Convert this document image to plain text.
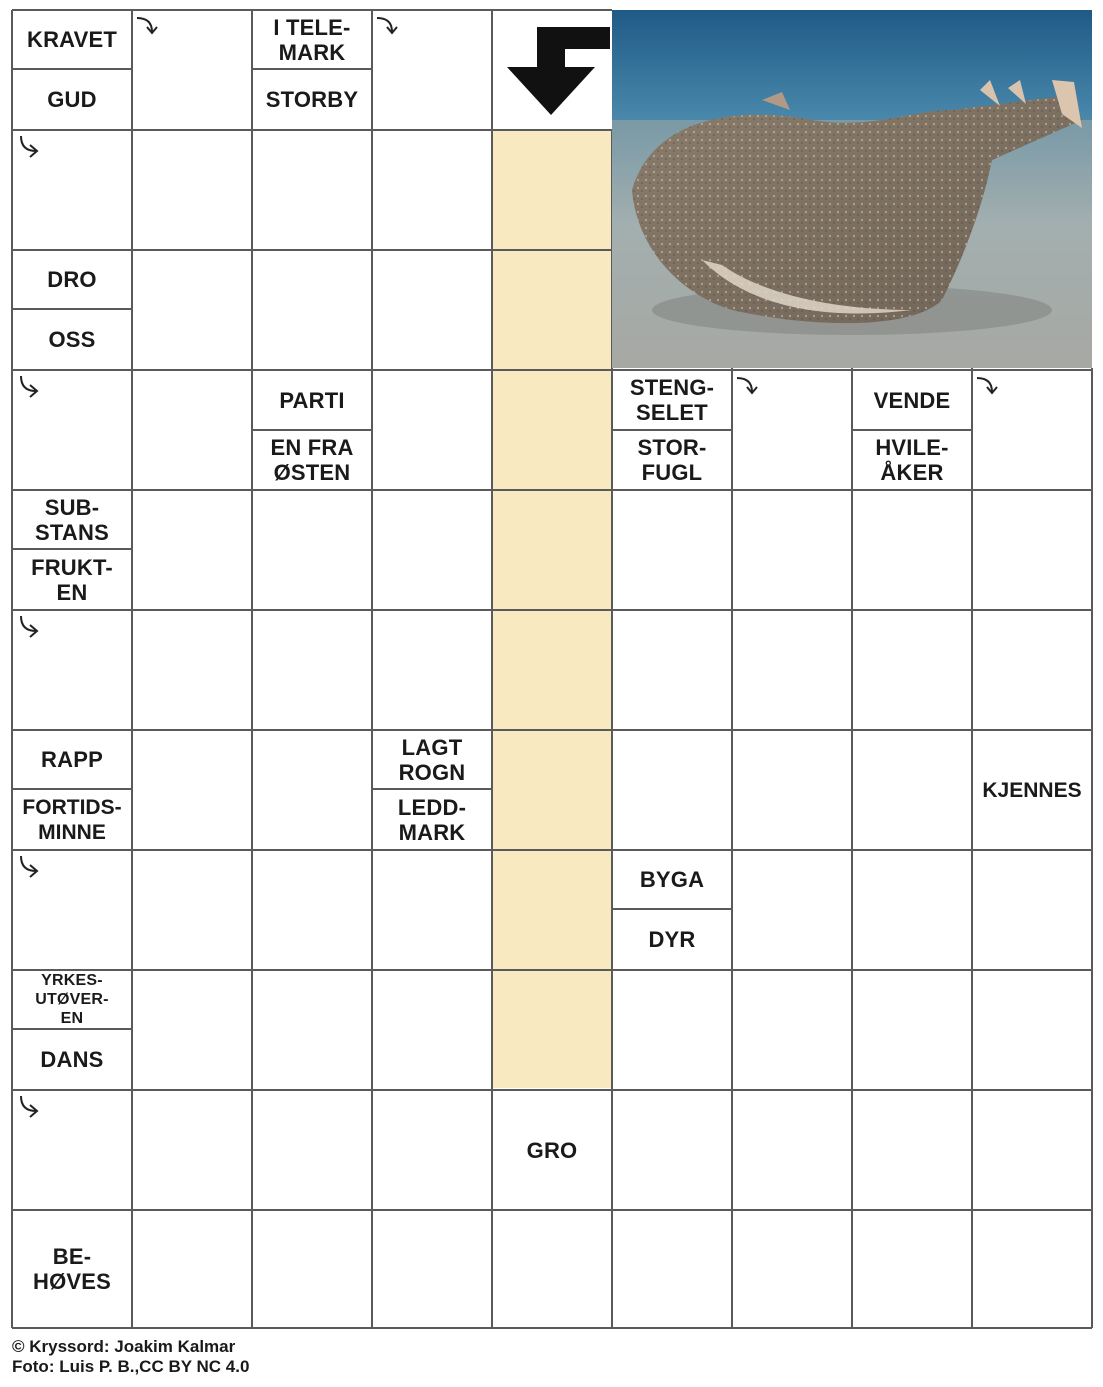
KRAVET
GUD
I TELE-
MARK
STORBY
DRO
OSS
PARTI
EN FRA
ØSTEN
STENG-
SELET
STOR-
FUGL
VENDE
HVILE-
ÅKER
SUB-
STANS
FRUKT-
EN
RAPP
FORTIDS-
MINNE
LAGT
ROGN
LEDD-
MARK
KJENNES
BYGA
DYR
YRKES-
UTØVER-
EN
DANS
GRO
BE-
HØVES
© Kryssord: Joakim Kalmar
Foto: Luis P. B.,CC BY NC 4.0
